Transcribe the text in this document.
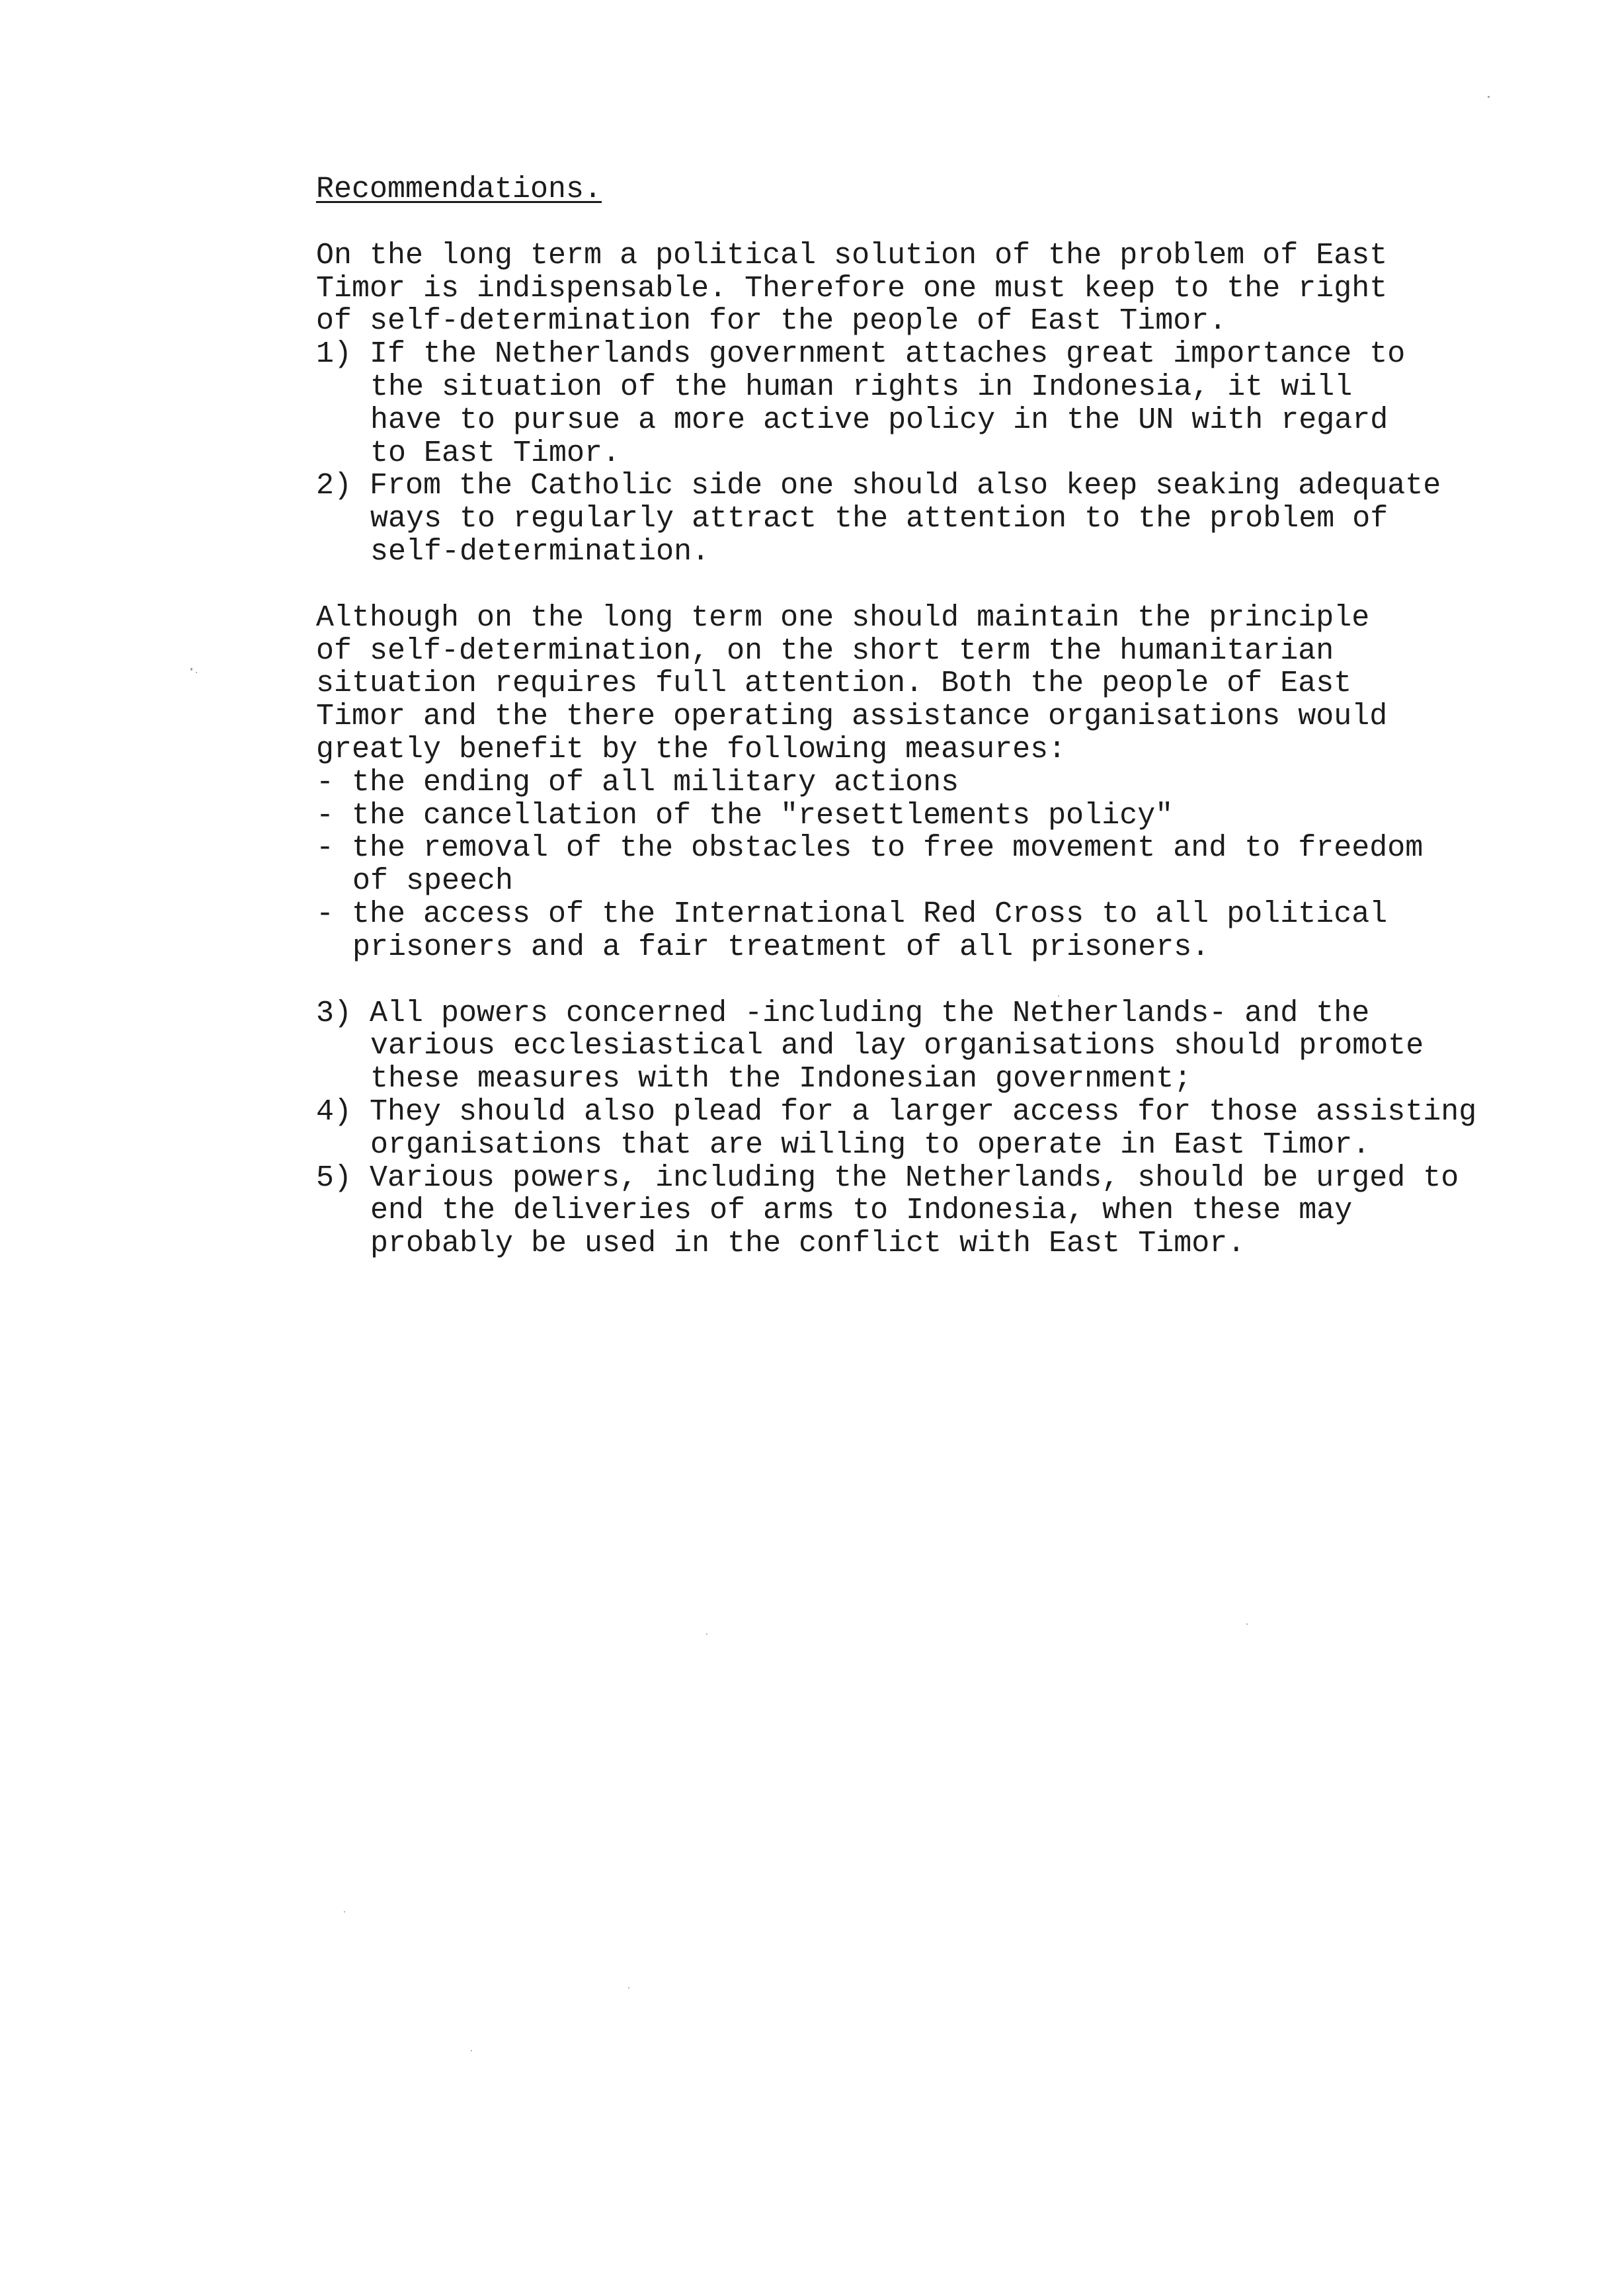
Recommendations.
On the long term a political solution of the problem of East
Timor is indispensable. Therefore one must keep to the right
of self-determination for the people of East Timor.
1) If the Netherlands government attaches great importance to
the situation of the human rights in Indonesia, it will
have to pursue a more active policy in the UN with regard
to East Timor.
2) From the Catholic side one should also keep seaking adequate
ways to regularly attract the attention to the problem of
self-determination.
Although on the long term one should maintain the principle
of self-determination, on the short term the humanitarian
situation requires full attention. Both the people of East
Timor and the there operating assistance organisations would
greatly benefit by the following measures:
- the ending of all military actions
- the cancellation of the "resettlements policy"
- the removal of the obstacles to free movement and to freedom
of speech
- the access of the International Red Cross to all political
prisoners and a fair treatment of all prisoners.
3) All powers concerned -including the Netherlands- and the
various ecclesiastical and lay organisations should promote
these measures with the Indonesian government;
4) They should also plead for a larger access for those assisting
organisations that are willing to operate in East Timor.
5) Various powers, including the Netherlands, should be urged to
end the deliveries of arms to Indonesia, when these may
probably be used in the conflict with East Timor.
